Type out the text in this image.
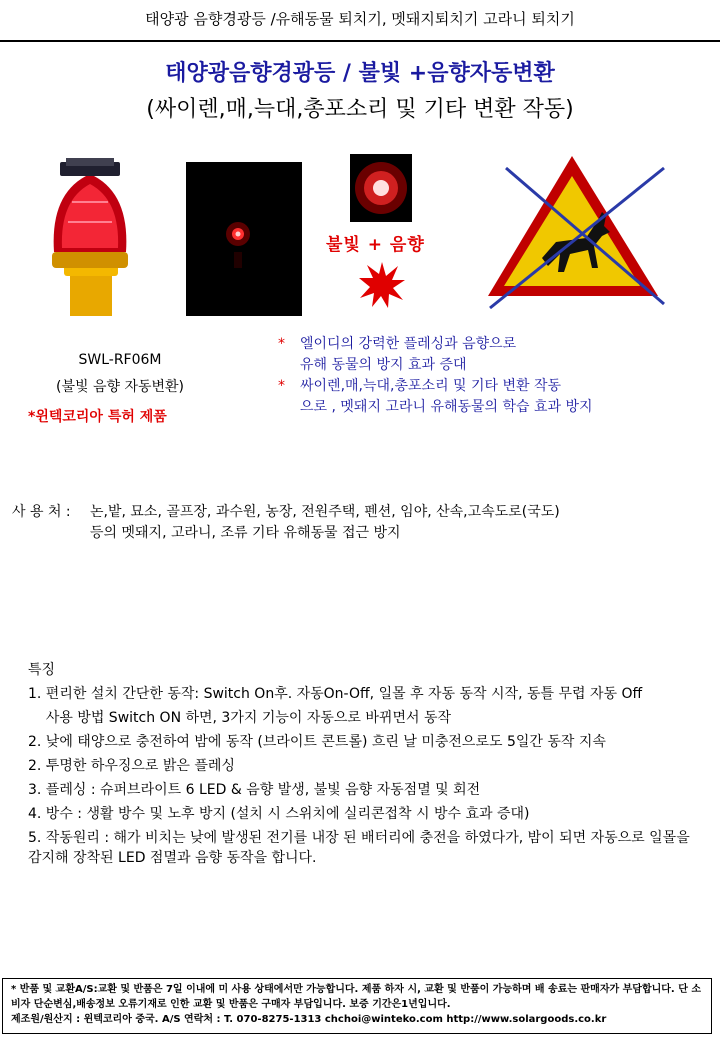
태양광 음향경광등 /유해동물 퇴치기, 멧돼지퇴치기 고라니 퇴치기
태양광음향경광등 / 불빛 +음향자동변환
(싸이렌,매,늑대,총포소리 및 기타 변환 작동)
불빛 + 음향
SWL-RF06M
(불빛 음향 자동변환)
*윈텍코리아 특허 제품
*	엘이디의 강력한 플레싱과 음향으로
유해 동물의 방지 효과 증대
*	싸이렌,매,늑대,총포소리 및 기타 변환 작동
으로 , 멧돼지 고라니 유해동물의 학습 효과 방지
사 용 처 :	논,밭, 묘소, 골프장, 과수원, 농장, 전원주택, 펜션, 임야, 산속,고속도로(국도)
등의 멧돼지, 고라니, 조류 기타 유해동물 접근 방지
특징
1. 편리한 설치 간단한 동작: Switch On후. 자동On-Off, 일몰 후 자동 동작 시작, 동틀 무렵 자동 Off
사용 방법 Switch ON 하면, 3가지 기능이 자동으로 바뀌면서 동작
2. 낮에 태양으로 충전하여 밤에 동작 (브라이트 콘트롤) 흐린 날 미충전으로도 5일간 동작 지속
2. 투명한 하우징으로 밝은 플레싱
3. 플레싱 : 슈퍼브라이트 6 LED & 음향 발생, 불빛 음향 자동점멸 및 회전
4. 방수 : 생활 방수 및 노후 방지 (설치 시 스위치에 실리콘접착 시 방수 효과 증대)
5. 작동원리 : 해가 비치는 낮에 발생된 전기를 내장 된 배터리에 충전을 하였다가, 밤이 되면 자동으로 일몰을 감지해 장착된 LED 점멸과 음향 동작을 합니다.
* 반품 및 교환A/S:교환 및 반품은 7일 이내에 미 사용 상태에서만 가능합니다. 제품 하자 시, 교환 및 반품이 가능하며 배 송료는 판매자가 부담합니다. 단 소비자 단순변심,배송정보 오류기재로 인한 교환 및 반품은 구매자 부담입니다. 보증 기간은1년입니다.
제조원/원산지 : 윈텍코리아 중국. A/S 연락처 : T. 070-8275-1313 chchoi@winteko.com http://www.solargoods.co.kr
